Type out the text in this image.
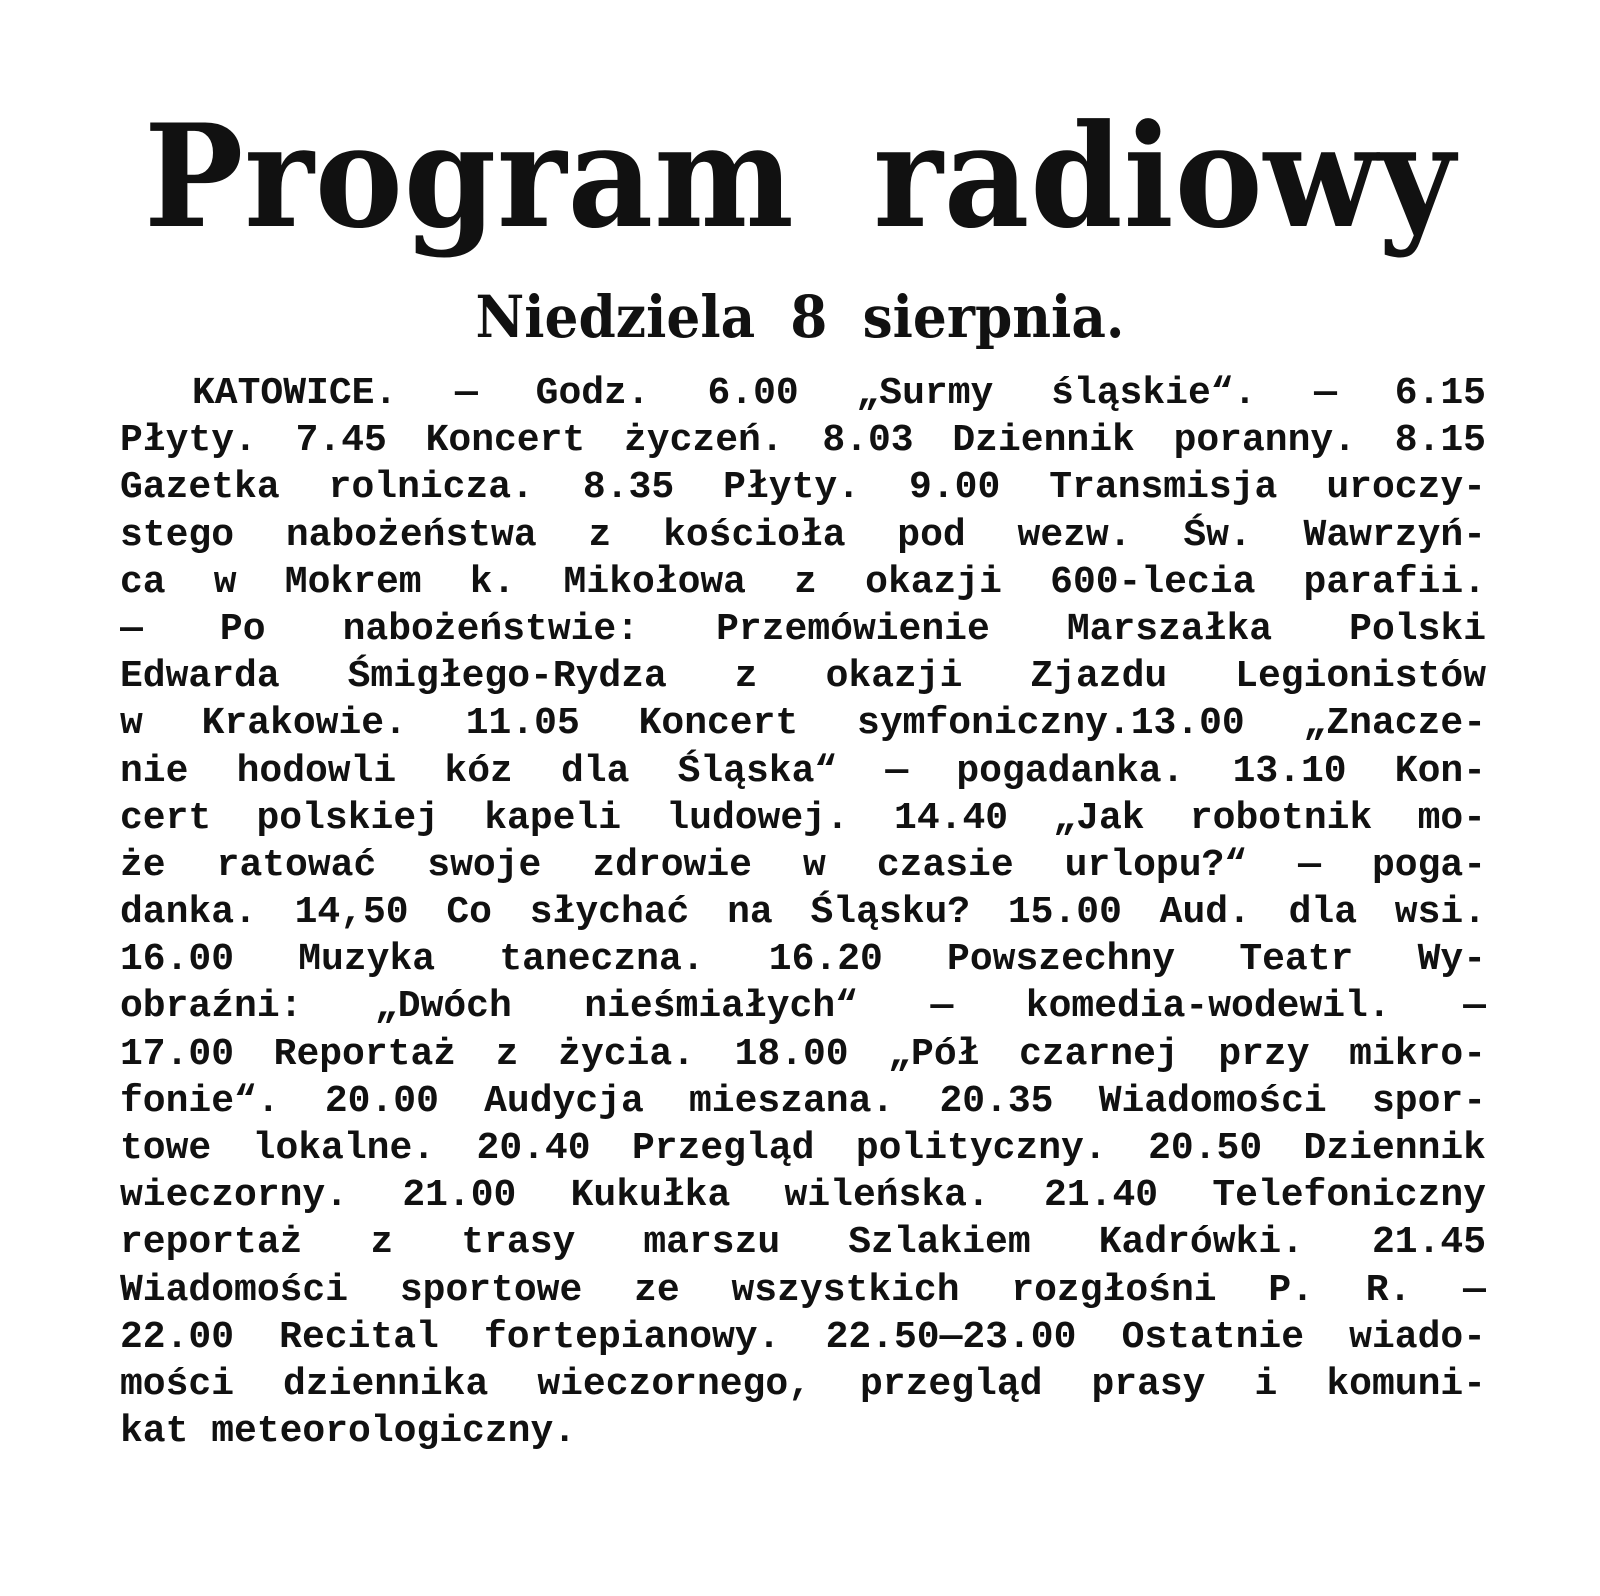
Program radiowy
Niedziela 8 sierpnia.
KATOWICE. — Godz. 6.00 „Surmy śląskie“. — 6.15
Płyty. 7.45 Koncert życzeń. 8.03 Dziennik poranny. 8.15
Gazetka rolnicza. 8.35 Płyty. 9.00 Transmisja uroczy-
stego nabożeństwa z kościoła pod wezw. Św. Wawrzyń-
ca w Mokrem k. Mikołowa z okazji 600-lecia parafii.
— Po nabożeństwie: Przemówienie Marszałka Polski
Edwarda Śmigłego-Rydza z okazji Zjazdu Legionistów
w Krakowie. 11.05 Koncert symfoniczny.13.00 „Znacze-
nie hodowli kóz dla Śląska“ — pogadanka. 13.10 Kon-
cert polskiej kapeli ludowej. 14.40 „Jak robotnik mo-
że ratować swoje zdrowie w czasie urlopu?“ — poga-
danka. 14,50 Co słychać na Śląsku? 15.00 Aud. dla wsi.
16.00 Muzyka taneczna. 16.20 Powszechny Teatr Wy-
obraźni: „Dwóch nieśmiałych“ — komedia-wodewil. —
17.00 Reportaż z życia. 18.00 „Pół czarnej przy mikro-
fonie“. 20.00 Audycja mieszana. 20.35 Wiadomości spor-
towe lokalne. 20.40 Przegląd polityczny. 20.50 Dziennik
wieczorny. 21.00 Kukułka wileńska. 21.40 Telefoniczny
reportaż z trasy marszu Szlakiem Kadrówki. 21.45
Wiadomości sportowe ze wszystkich rozgłośni P. R. —
22.00 Recital fortepianowy. 22.50—23.00 Ostatnie wiado-
mości dziennika wieczornego, przegląd prasy i komuni-
kat meteorologiczny.
